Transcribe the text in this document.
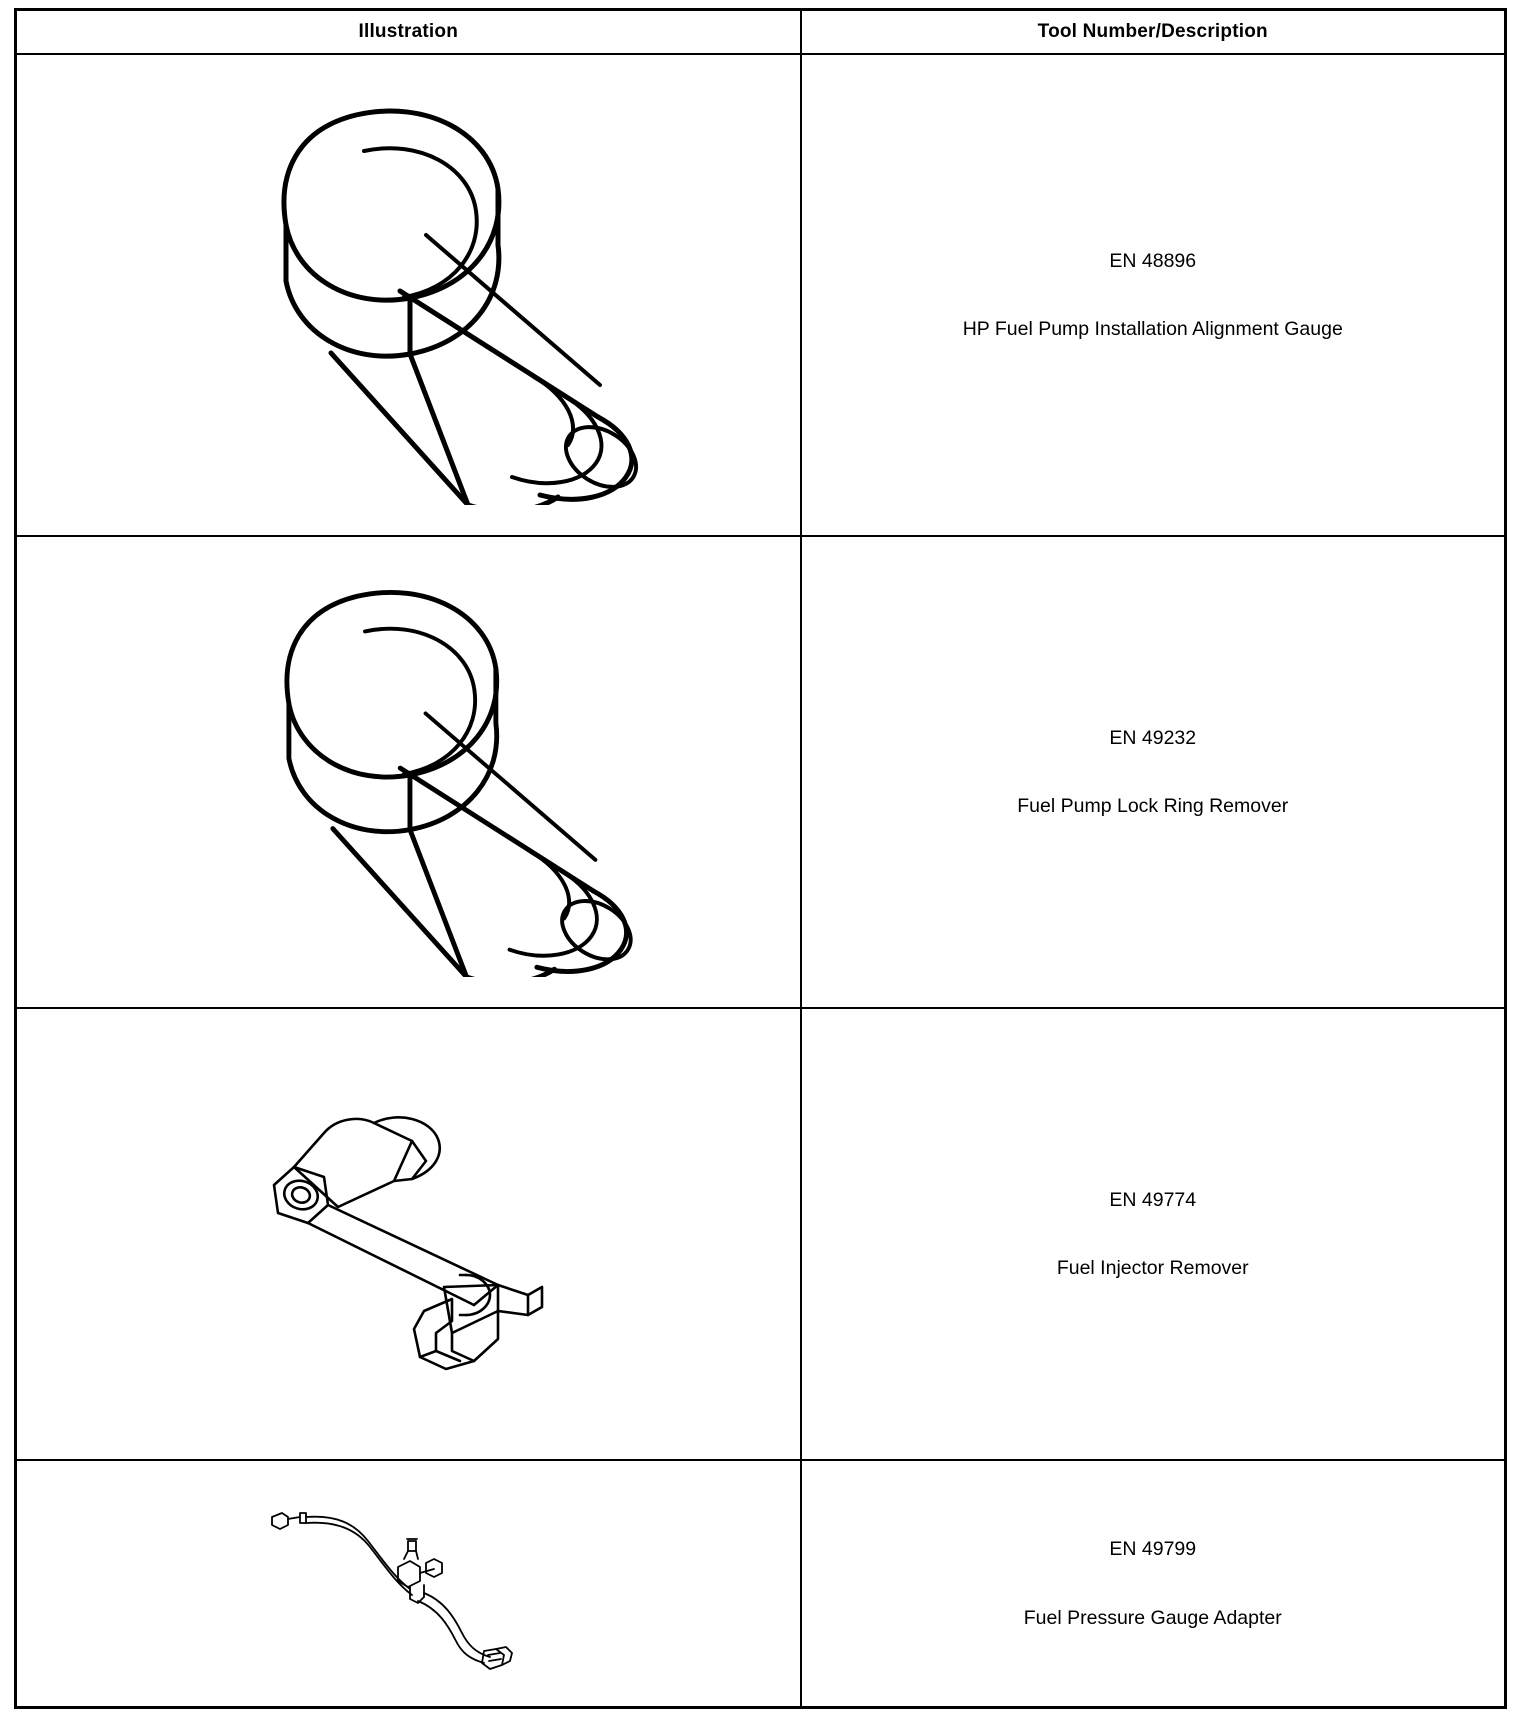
Illustration	Tool Number/Description

EN 48896

HP Fuel Pump Installation Alignment Gauge

EN 49232

Fuel Pump Lock Ring Remover

EN 49774

Fuel Injector Remover

EN 49799

Fuel Pressure Gauge Adapter
